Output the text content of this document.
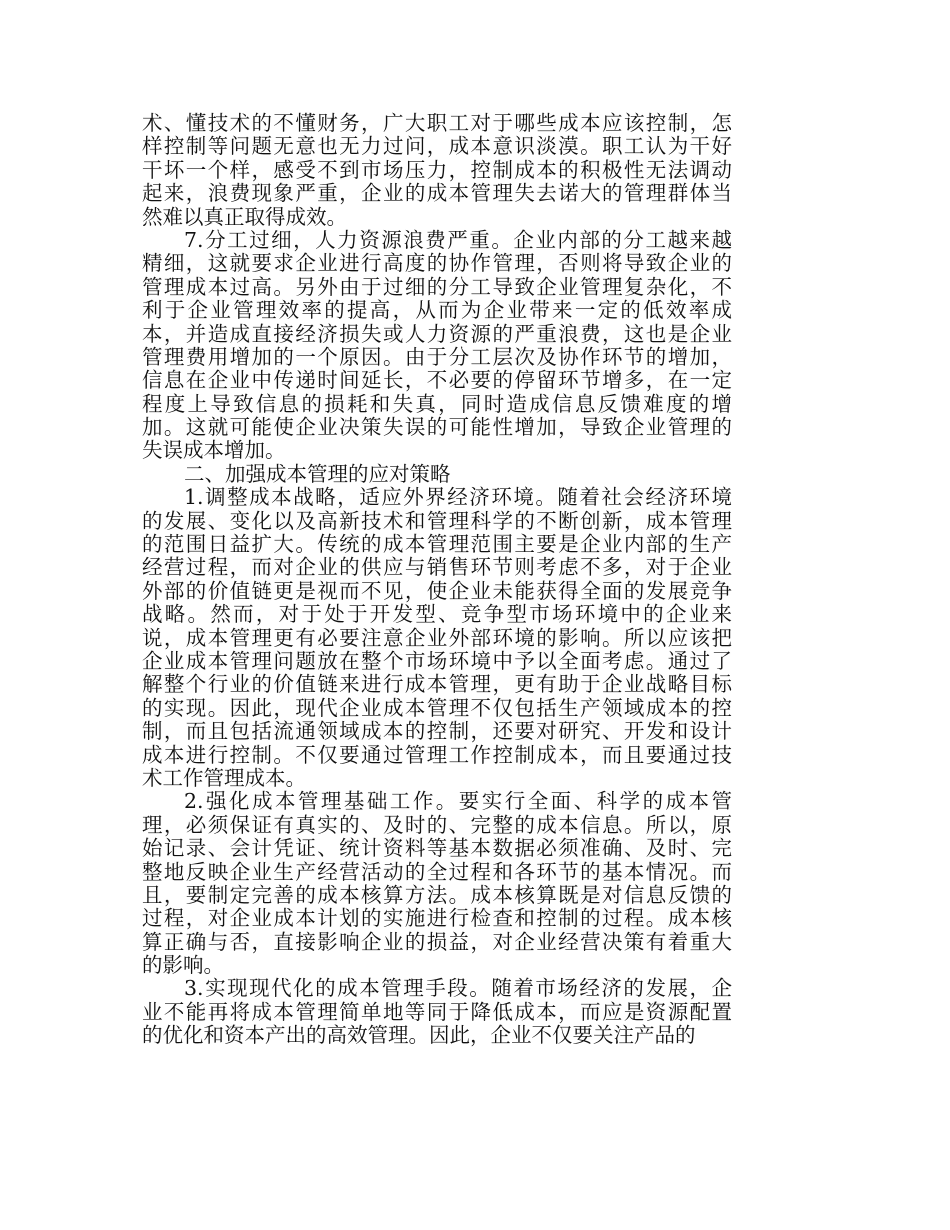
术、懂技术的不懂财务，广大职工对于哪些成本应该控制，怎
样控制等问题无意也无力过问，成本意识淡漠。职工认为干好
干坏一个样，感受不到市场压力，控制成本的积极性无法调动
起来，浪费现象严重，企业的成本管理失去诺大的管理群体当
然难以真正取得成效。
7.分工过细，人力资源浪费严重。企业内部的分工越来越
精细，这就要求企业进行高度的协作管理，否则将导致企业的
管理成本过高。另外由于过细的分工导致企业管理复杂化，不
利于企业管理效率的提高，从而为企业带来一定的低效率成
本，并造成直接经济损失或人力资源的严重浪费，这也是企业
管理费用增加的一个原因。由于分工层次及协作环节的增加，
信息在企业中传递时间延长，不必要的停留环节增多，在一定
程度上导致信息的损耗和失真，同时造成信息反馈难度的增
加。这就可能使企业决策失误的可能性增加，导致企业管理的
失误成本增加。
二、加强成本管理的应对策略
1.调整成本战略，适应外界经济环境。随着社会经济环境
的发展、变化以及高新技术和管理科学的不断创新，成本管理
的范围日益扩大。传统的成本管理范围主要是企业内部的生产
经营过程，而对企业的供应与销售环节则考虑不多，对于企业
外部的价值链更是视而不见，使企业未能获得全面的发展竞争
战略。然而，对于处于开发型、竞争型市场环境中的企业来
说，成本管理更有必要注意企业外部环境的影响。所以应该把
企业成本管理问题放在整个市场环境中予以全面考虑。通过了
解整个行业的价值链来进行成本管理，更有助于企业战略目标
的实现。因此，现代企业成本管理不仅包括生产领域成本的控
制，而且包括流通领域成本的控制，还要对研究、开发和设计
成本进行控制。不仅要通过管理工作控制成本，而且要通过技
术工作管理成本。
2.强化成本管理基础工作。要实行全面、科学的成本管
理，必须保证有真实的、及时的、完整的成本信息。所以，原
始记录、会计凭证、统计资料等基本数据必须准确、及时、完
整地反映企业生产经营活动的全过程和各环节的基本情况。而
且，要制定完善的成本核算方法。成本核算既是对信息反馈的
过程，对企业成本计划的实施进行检查和控制的过程。成本核
算正确与否，直接影响企业的损益，对企业经营决策有着重大
的影响。
3.实现现代化的成本管理手段。随着市场经济的发展，企
业不能再将成本管理简单地等同于降低成本，而应是资源配置
的优化和资本产出的高效管理。因此，企业不仅要关注产品的
